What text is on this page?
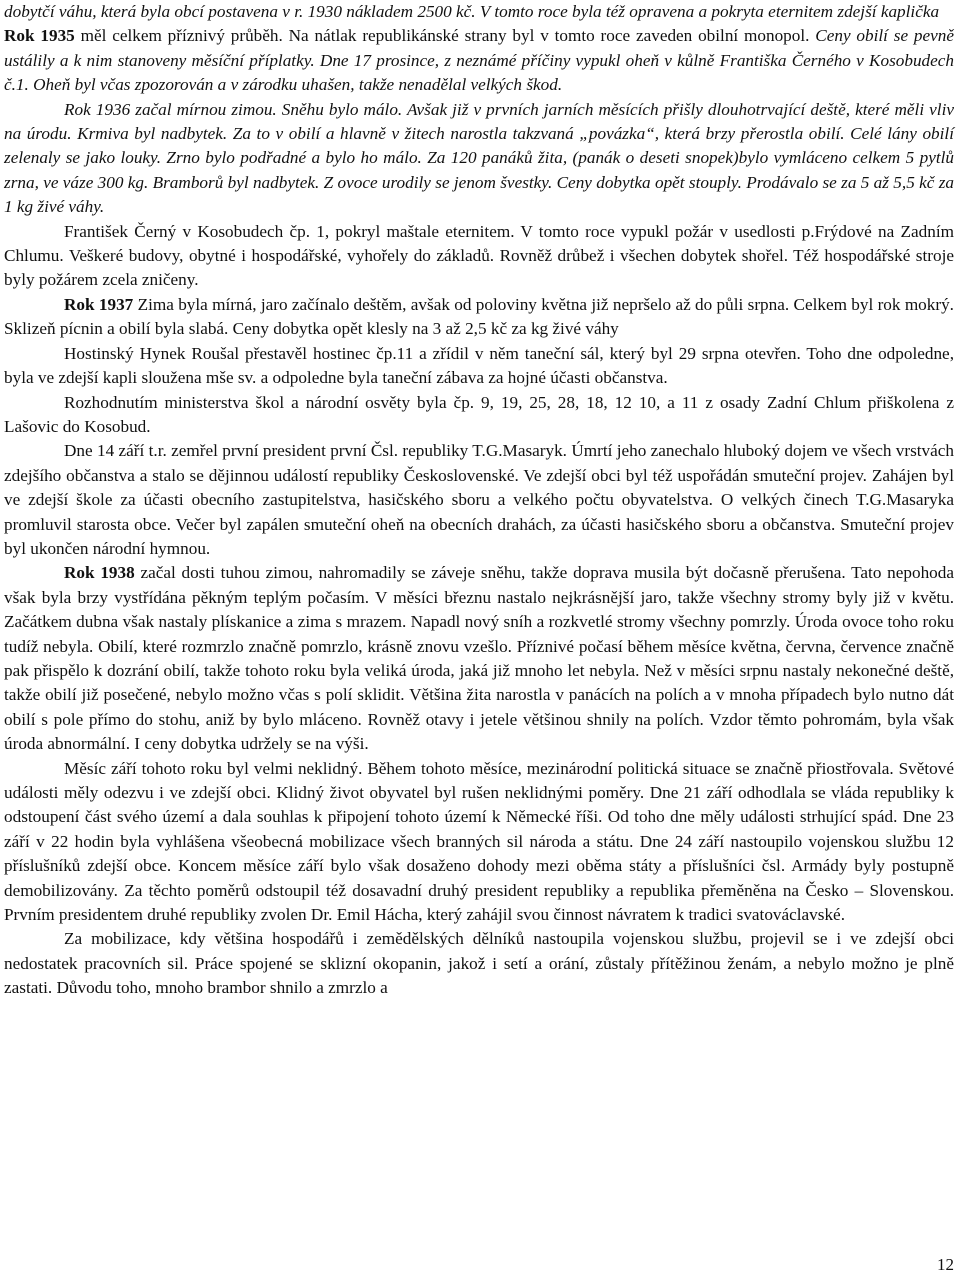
dobytčí váhu, která byla obcí postavena v r. 1930 nákladem 2500 kč. V tomto roce byla též opravena a pokryta eternitem zdejší kaplička

Rok 1935 měl celkem příznivý průběh. Na nátlak republikánské strany byl v tomto roce zaveden obilní monopol. Ceny obilí se pevně ustálily a k nim stanoveny měsíční příplatky. Dne 17 prosince, z neznámé příčiny vypukl oheň v kůlně Františka Černého v Kosobudech č.1. Oheň byl včas zpozorován a v zárodku uhašen, takže nenadělal velkých škod.

Rok 1936 začal mírnou zimou. Sněhu bylo málo. Avšak již v prvních jarních měsících přišly dlouhotrvající deště, které měli vliv na úrodu. Krmiva byl nadbytek. Za to v obilí a hlavně v žitech narostla takzvaná „povázka“, která brzy přerostla obilí. Celé lány obilí zelenaly se jako louky. Zrno bylo podřadné a bylo ho málo. Za 120 panáků žita, (panák o deseti snopek)bylo vymláceno celkem 5 pytlů zrna, ve váze 300 kg. Bramborů byl nadbytek. Z ovoce urodily se jenom švestky. Ceny dobytka opět stouply. Prodávalo se za 5 až 5,5 kč za 1 kg živé váhy.

František Černý v Kosobudech čp. 1, pokryl maštale eternitem. V tomto roce vypukl požár v usedlosti p.Frýdové na Zadním Chlumu. Veškeré budovy, obytné i hospodářské, vyhořely do základů. Rovněž drůbež i všechen dobytek shořel. Též hospodářské stroje byly požárem zcela zničeny.

Rok 1937 Zima byla mírná, jaro začínalo deštěm, avšak od poloviny května již nepršelo až do půli srpna. Celkem byl rok mokrý. Sklizeň pícnin a obilí byla slabá. Ceny dobytka opět klesly na 3 až 2,5 kč za kg živé váhy

Hostinský Hynek Roušal přestavěl hostinec čp.11 a zřídil v něm taneční sál, který byl 29 srpna otevřen. Toho dne odpoledne, byla ve zdejší kapli sloužena mše sv. a odpoledne byla taneční zábava za hojné účasti občanstva.

Rozhodnutím ministerstva škol a národní osvěty byla čp. 9, 19, 25, 28, 18, 12 10, a 11 z osady Zadní Chlum přiškolena z Lašovic do Kosobud.

Dne 14 září t.r. zemřel první president první Čsl. republiky T.G.Masaryk. Úmrtí jeho zanechalo hluboký dojem ve všech vrstvách zdejšího občanstva a stalo se dějinnou událostí republiky Československé. Ve zdejší obci byl též uspořádán smuteční projev. Zahájen byl ve zdejší škole za účasti obecního zastupitelstva, hasičského sboru a velkého počtu obyvatelstva. O velkých činech T.G.Masaryka promluvil starosta obce. Večer byl zapálen smuteční oheň na obecních drahách, za účasti hasičského sboru a občanstva. Smuteční projev byl ukončen národní hymnou.

Rok 1938 začal dosti tuhou zimou, nahromadily se záveje sněhu, takže doprava musila být dočasně přerušena. Tato nepohoda však byla brzy vystřídána pěkným teplým počasím. V měsíci březnu nastalo nejkrásnější jaro, takže všechny stromy byly již v květu. Začátkem dubna však nastaly plískanice a zima s mrazem. Napadl nový sníh a rozkvetlé stromy všechny pomrzly. Úroda ovoce toho roku tudíž nebyla. Obilí, které rozmrzlo značně pomrzlo, krásně znovu vzešlo. Příznivé počasí během měsíce května, června, července značně pak přispělo k dozrání obilí, takže tohoto roku byla veliká úroda, jaká již mnoho let nebyla. Než v měsíci srpnu nastaly nekonečné deště, takže obilí již posečené, nebylo možno včas s polí sklidit. Většina žita narostla v panácích na polích a v mnoha případech bylo nutno dát obilí s pole přímo do stohu, aniž by bylo mláceno. Rovněž otavy i jetele většinou shnily na polích. Vzdor těmto pohromám, byla však úroda abnormální. I ceny dobytka udržely se na výši.

Měsíc září tohoto roku byl velmi neklidný. Během tohoto měsíce, mezinárodní politická situace se značně přiostřovala. Světové události měly odezvu i ve zdejší obci. Klidný život obyvatel byl rušen neklidnými poměry. Dne 21 září odhodlala se vláda republiky k odstoupení část svého území a dala souhlas k připojení tohoto území k Německé říši. Od toho dne měly události strhující spád. Dne 23 září v 22 hodin byla vyhlášena všeobecná mobilizace všech branných sil národa a státu. Dne 24 září nastoupilo vojenskou službu 12 příslušníků zdejší obce. Koncem měsíce září bylo však dosaženo dohody mezi oběma státy a příslušníci čsl. Armády byly postupně demobilizovány. Za těchto poměrů odstoupil též dosavadní druhý president republiky a republika přeměněna na Česko – Slovenskou. Prvním presidentem druhé republiky zvolen Dr. Emil Hácha, který zahájil svou činnost návratem k tradici svatováclavské.

Za mobilizace, kdy většina hospodářů i zemědělských dělníků nastoupila vojenskou službu, projevil se i ve zdejší obci nedostatek pracovních sil. Práce spojené se sklizní okopanin, jakož i setí a orání, zůstaly přítěžinou ženám, a nebylo možno je plně zastati. Důvodu toho, mnoho brambor shnilo a zmrzlo a

12
